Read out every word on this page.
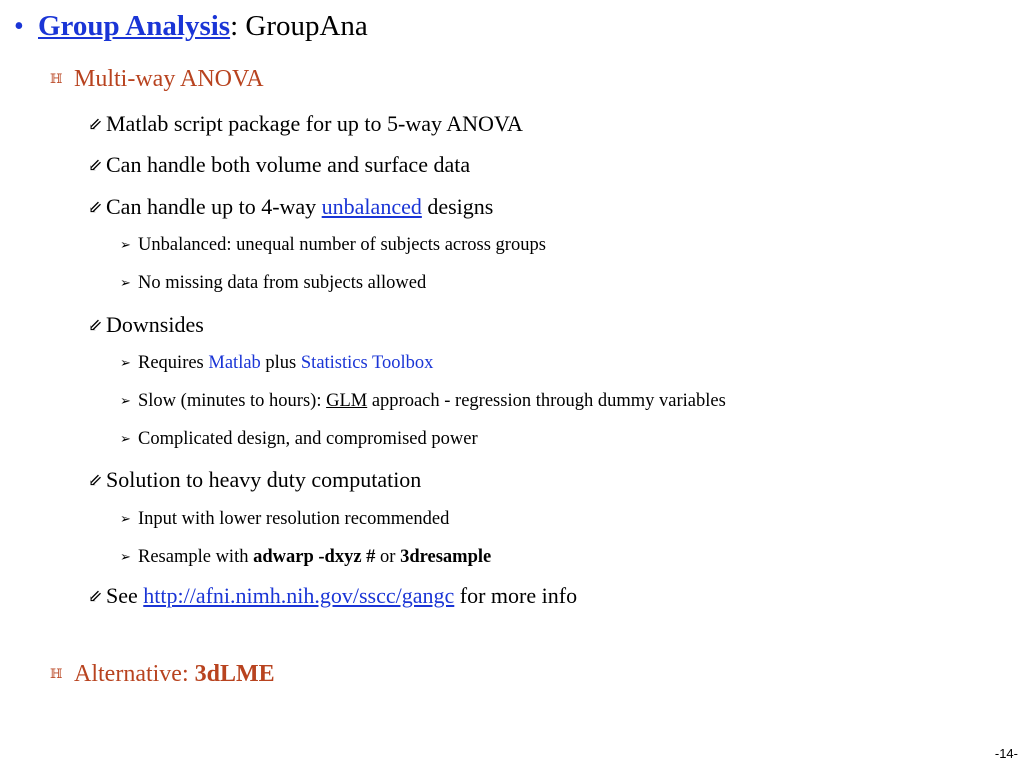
• Group Analysis: GroupAna
ℍ Multi-way ANOVA
⇙ Matlab script package for up to 5-way ANOVA
⇙ Can handle both volume and surface data
⇙ Can handle up to 4-way unbalanced designs
➢ Unbalanced: unequal number of subjects across groups
➢ No missing data from subjects allowed
⇙ Downsides
➢ Requires Matlab plus Statistics Toolbox
➢ Slow (minutes to hours): GLM approach - regression through dummy variables
➢ Complicated design, and compromised power
⇙ Solution to heavy duty computation
➢ Input with lower resolution recommended
➢ Resample with adwarp -dxyz # or 3dresample
⇙ See http://afni.nimh.nih.gov/sscc/gangc for more info
ℍ Alternative: 3dLME
-14-
